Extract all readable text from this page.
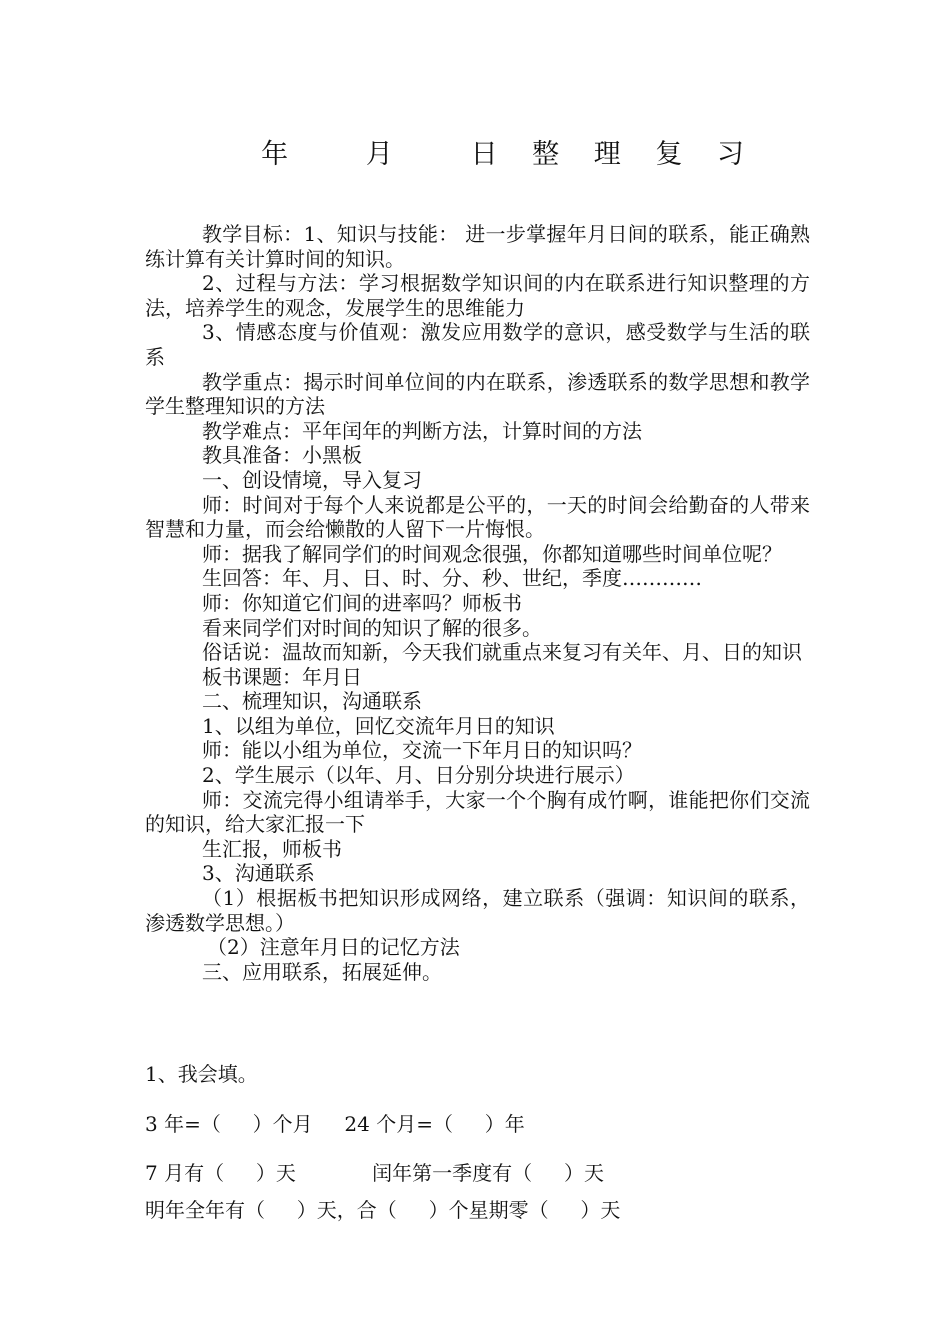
年   月   日 整 理 复 习

教学目标：1、知识与技能： 进一步掌握年月日间的联系，能正确熟练计算有关计算时间的知识。

2、过程与方法：学习根据数学知识间的内在联系进行知识整理的方法，培养学生的观念，发展学生的思维能力

3、情感态度与价值观：激发应用数学的意识，感受数学与生活的联系

教学重点：揭示时间单位间的内在联系，渗透联系的数学思想和教学学生整理知识的方法

教学难点：平年闰年的判断方法，计算时间的方法

教具准备：小黑板

一、创设情境，导入复习

师：时间对于每个人来说都是公平的，一天的时间会给勤奋的人带来智慧和力量，而会给懒散的人留下一片悔恨。

师：据我了解同学们的时间观念很强，你都知道哪些时间单位呢？

生回答：年、月、日、时、分、秒、世纪，季度…………

师：你知道它们间的进率吗？师板书

看来同学们对时间的知识了解的很多。

俗话说：温故而知新，今天我们就重点来复习有关年、月、日的知识

板书课题：年月日

二、梳理知识，沟通联系

1、以组为单位，回忆交流年月日的知识

师：能以小组为单位，交流一下年月日的知识吗？

2、学生展示（以年、月、日分别分块进行展示）

师：交流完得小组请举手，大家一个个胸有成竹啊，谁能把你们交流的知识，给大家汇报一下

生汇报，师板书

3、沟通联系

（1）根据板书把知识形成网络，建立联系（强调：知识间的联系，渗透数学思想。）

（2）注意年月日的记忆方法

三、应用联系，拓展延伸。

1、我会填。
3 年=（     ）个月     24 个月=（     ）年
7 月有（     ）天            闰年第一季度有（     ）天
明年全年有（     ）天，合（     ）个星期零（     ）天
